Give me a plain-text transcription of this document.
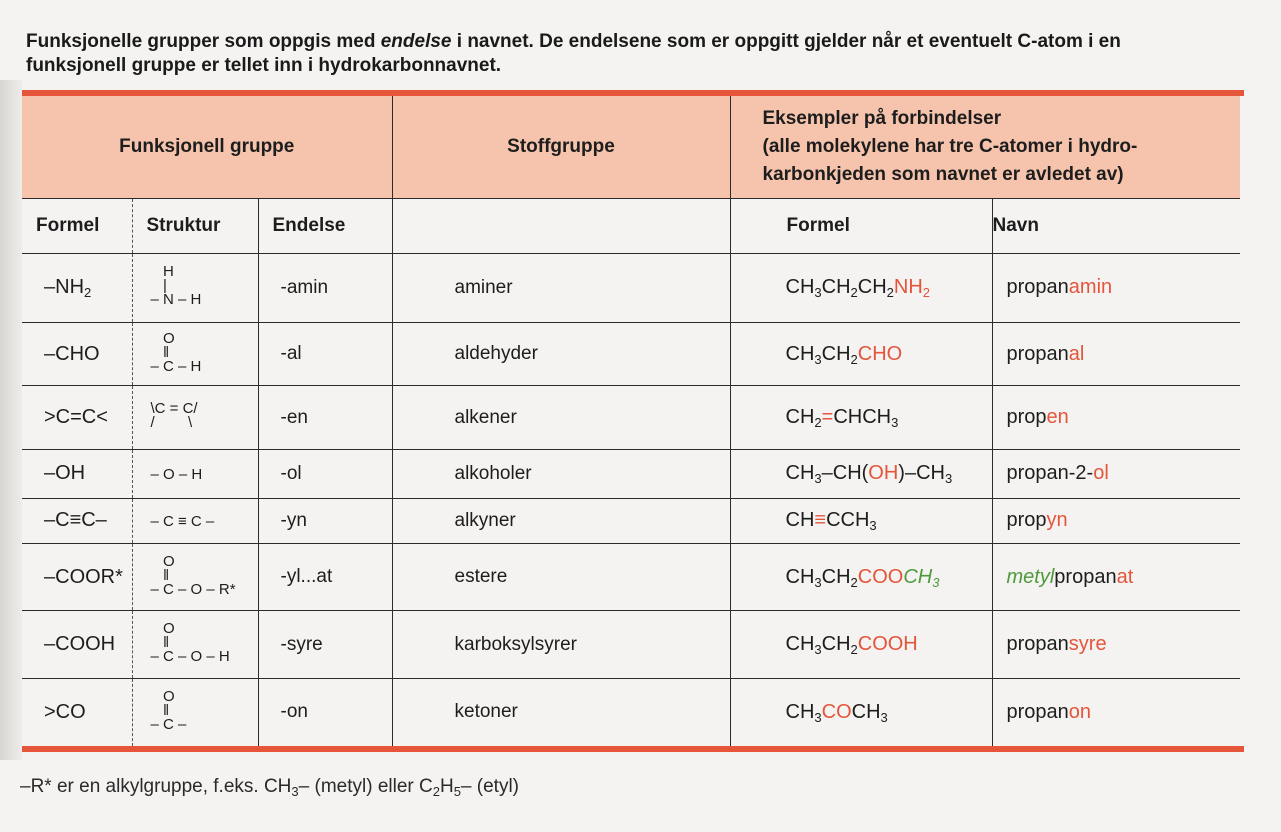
Funksjonelle grupper som oppgis med endelse i navnet. De endelsene som er oppgitt gjelder når et eventuelt C-atom i en funksjonell gruppe er tellet inn i hydrokarbonnavnet.
Funksjonell gruppe			Stoffgruppe	Eksempler på forbindelser
(alle molekylene har tre C-atomer i hydro-
karbonkjeden som navnet er avledet av)	

Formel	Struktur	Endelse		Formel	Navn
$-NH_2$	H
|
– N – H	-amin	aminer	$CH_3CH_2CH_2NH_2$	propanamin
–CHO	O
‖
– C – H	-al	aldehyder	$CH_3CH_2CHO$	propanal
>C=C<	\C = C/
/        \	-en	alkener	$CH_2=CHCH_3$	propen
–OH	– O – H	-ol	alkoholer	$CH_3-CH(OH)-CH_3$	propan-2-ol
–C≡C–	– C ≡ C –	-yn	alkyner	$CH\equiv CCH_3$	propyn
–COOR*	O
‖
– C – O – R*	-yl...at	estere	$CH_3CH_2COOCH_3$	metylpropanat
–COOH	O
‖
– C – O – H	-syre	karboksylsyrer	$CH_3CH_2COOH$	propansyre
>CO	O
‖
– C –	-on	ketoner	$CH_3COCH_3$	propanon
–R* er en alkylgruppe, f.eks. $CH_3-$ (metyl) eller $C_2H_5-$ (etyl)
